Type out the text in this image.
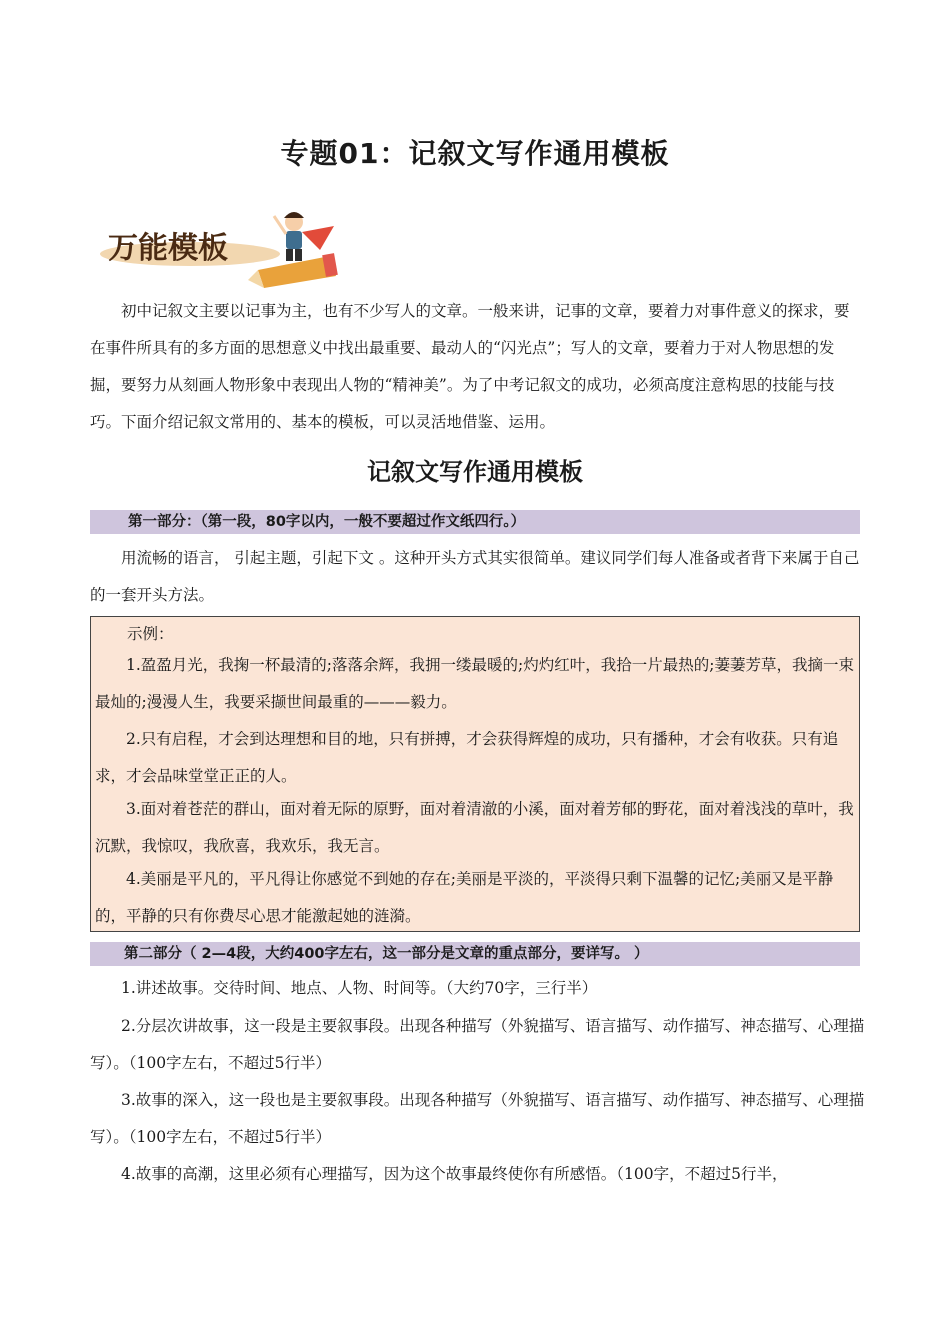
专题01：记叙文写作通用模板
万能模板

初中记叙文主要以记事为主，也有不少写人的文章。一般来讲，记事的文章，要着力对事件意义的探求，要在事件所具有的多方面的思想意义中找出最重要、最动人的“闪光点”；写人的文章，要着力于对人物思想的发掘，要努力从刻画人物形象中表现出人物的“精神美”。为了中考记叙文的成功，必须高度注意构思的技能与技巧。下面介绍记叙文常用的、基本的模板，可以灵活地借鉴、运用。

记叙文写作通用模板
第一部分：（第一段，80字以内，一般不要超过作文纸四行。）

用流畅的语言， 引起主题，引起下文 。这种开头方式其实很简单。建议同学们每人准备或者背下来属于自己的一套开头方法。

示例：

1.盈盈月光，我掬一杯最清的;落落余辉，我拥一缕最暖的;灼灼红叶，我拾一片最热的;萋萋芳草，我摘一束最灿的;漫漫人生，我要采撷世间最重的———毅力。

2.只有启程，才会到达理想和目的地，只有拼搏，才会获得辉煌的成功，只有播种，才会有收获。只有追求，才会品味堂堂正正的人。

3.面对着苍茫的群山，面对着无际的原野，面对着清澈的小溪，面对着芳郁的野花，面对着浅浅的草叶，我沉默，我惊叹，我欣喜，我欢乐，我无言。

4.美丽是平凡的，平凡得让你感觉不到她的存在;美丽是平淡的，平淡得只剩下温馨的记忆;美丽又是平静的，平静的只有你费尽心思才能激起她的涟漪。

第二部分（ 2—4段，大约400字左右，这一部分是文章的重点部分，要详写。 ）

1.讲述故事。交待时间、地点、人物、时间等。（大约70字，三行半）

2.分层次讲故事，这一段是主要叙事段。出现各种描写（外貌描写、语言描写、动作描写、神态描写、心理描写）。（100字左右，不超过5行半）

3.故事的深入，这一段也是主要叙事段。出现各种描写（外貌描写、语言描写、动作描写、神态描写、心理描写）。（100字左右，不超过5行半）

4.故事的高潮，这里必须有心理描写，因为这个故事最终使你有所感悟。（100字，不超过5行半，
